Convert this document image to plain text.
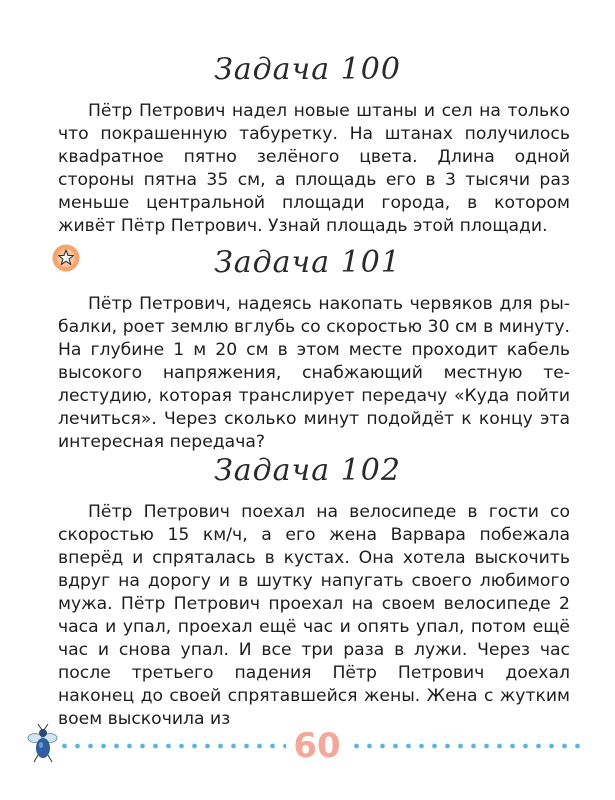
Задача 100

Пётр Петрович надел новые штаны и сел на только что покрашенную табуретку. На штанах получилось кваdратное пятно зелёного цвета. Длина одной стороны пятна 35 см, а площадь его в 3 тысячи раз меньше центральной площади города, в котором живёт Пётр Петрович. Узнай площадь этой площади.

Задача 101

Пётр Петрович, надеясь накопать червяков для рыбалки, роет землю вглубь со скоростью 30 см в минуту. На глубине 1 м 20 см в этом месте проходит кабель высокого напряжения, снабжающий местную телестудию, которая транслирует передачу «Куда пойти лечиться». Через сколько минут подойдёт к концу эта интересная передача?

Задача 102

Пётр Петрович поехал на велосипеде в гости со скоростью 15 км/ч, а его жена Варвара побежала вперёд и спряталась в кустах. Она хотела выскочить вдруг на дорогу и в шутку напугать своего любимого мужа. Пётр Петрович проехал на своем велосипеде 2 часа и упал, проехал ещё час и опять упал, потом ещё час и снова упал. И все три раза в лужи. Через час после третьего падения Пётр Петрович доехал наконец до своей спрятавшейся жены. Жена с жутким воем выскочила из

60
